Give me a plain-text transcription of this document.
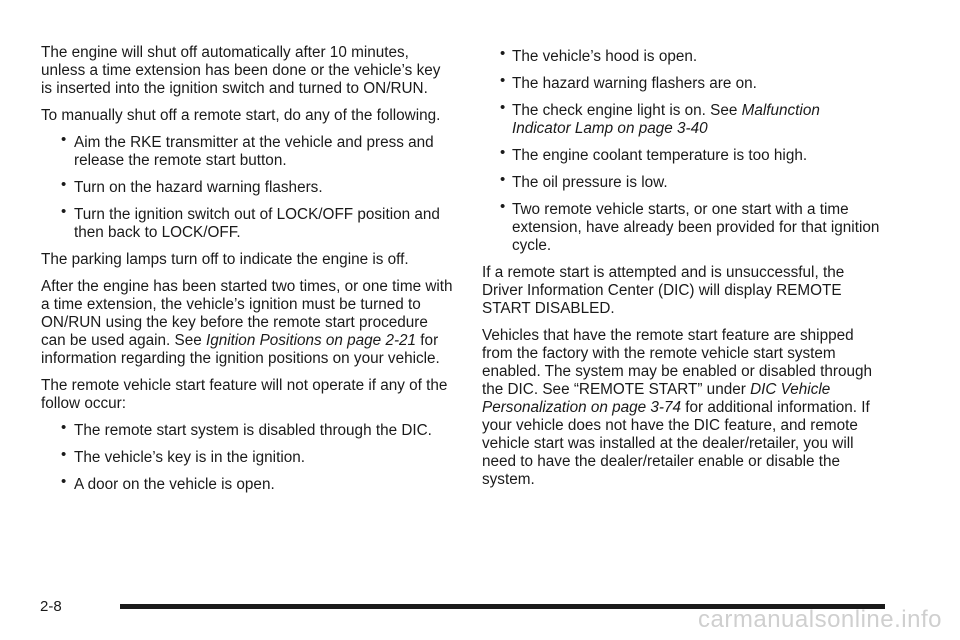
The engine will shut off automatically after 10 minutes, unless a time extension has been done or the vehicle’s key is inserted into the ignition switch and turned to ON/RUN.

To manually shut off a remote start, do any of the following.

• Aim the RKE transmitter at the vehicle and press and release the remote start button.
• Turn on the hazard warning flashers.
• Turn the ignition switch out of LOCK/OFF position and then back to LOCK/OFF.

The parking lamps turn off to indicate the engine is off.

After the engine has been started two times, or one time with a time extension, the vehicle’s ignition must be turned to ON/RUN using the key before the remote start procedure can be used again. See Ignition Positions on page 2-21 for information regarding the ignition positions on your vehicle.

The remote vehicle start feature will not operate if any of the follow occur:

• The remote start system is disabled through the DIC.
• The vehicle’s key is in the ignition.
• A door on the vehicle is open.
• The vehicle’s hood is open.
• The hazard warning flashers are on.
• The check engine light is on. See Malfunction Indicator Lamp on page 3-40
• The engine coolant temperature is too high.
• The oil pressure is low.
• Two remote vehicle starts, or one start with a time extension, have already been provided for that ignition cycle.

If a remote start is attempted and is unsuccessful, the Driver Information Center (DIC) will display REMOTE START DISABLED.

Vehicles that have the remote start feature are shipped from the factory with the remote vehicle start system enabled. The system may be enabled or disabled through the DIC. See “REMOTE START” under DIC Vehicle Personalization on page 3-74 for additional information. If your vehicle does not have the DIC feature, and remote vehicle start was installed at the dealer/retailer, you will need to have the dealer/retailer enable or disable the system.

2-8	carmanualsonline.info
